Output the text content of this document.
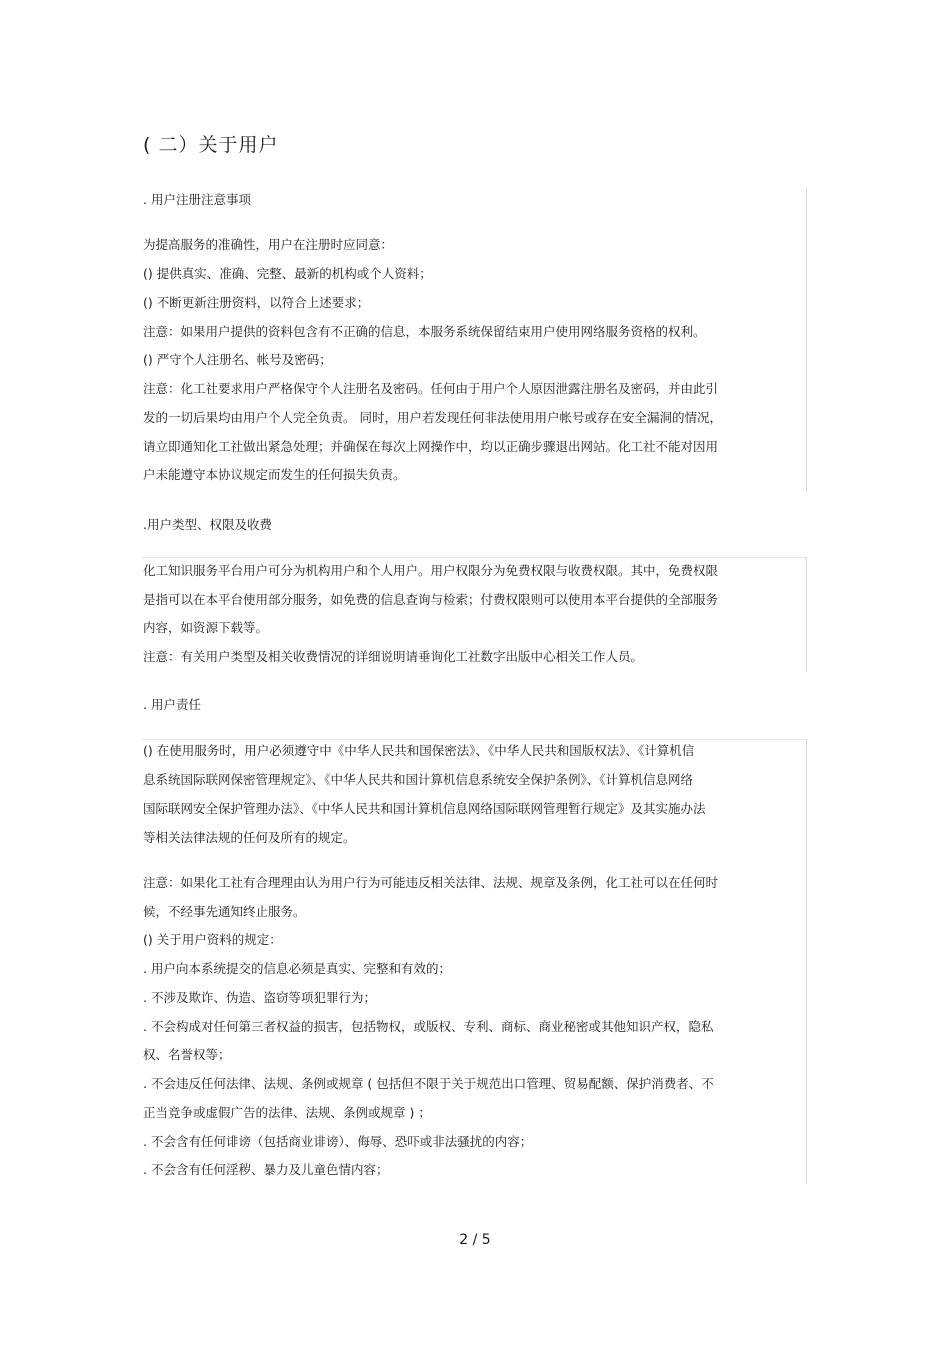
( 二）关于用户
. 用户注册注意事项
为提高服务的准确性，用户在注册时应同意：
() 提供真实、准确、完整、最新的机构或个人资料；
() 不断更新注册资料，以符合上述要求；
注意：如果用户提供的资料包含有不正确的信息，本服务系统保留结束用户使用网络服务资格的权利。
() 严守个人注册名、帐号及密码；
注意：化工社要求用户严格保守个人注册名及密码。任何由于用户个人原因泄露注册名及密码，并由此引
发的一切后果均由用户个人完全负责。 同时，用户若发现任何非法使用用户帐号或存在安全漏洞的情况，
请立即通知化工社做出紧急处理；并确保在每次上网操作中，均以正确步骤退出网站。化工社不能对因用
户未能遵守本协议规定而发生的任何损失负责。
.用户类型、权限及收费
化工知识服务平台用户可分为机构用户和个人用户。用户权限分为免费权限与收费权限。其中，免费权限
是指可以在本平台使用部分服务，如免费的信息查询与检索；付费权限则可以使用本平台提供的全部服务
内容，如资源下载等。
注意：有关用户类型及相关收费情况的详细说明请垂询化工社数字出版中心相关工作人员。
. 用户责任
() 在使用服务时，用户必须遵守中《中华人民共和国保密法》、《中华人民共和国版权法》、《计算机信
息系统国际联网保密管理规定》、《中华人民共和国计算机信息系统安全保护条例》、《计算机信息网络
国际联网安全保护管理办法》、《中华人民共和国计算机信息网络国际联网管理暂行规定》及其实施办法
等相关法律法规的任何及所有的规定。
注意：如果化工社有合理理由认为用户行为可能违反相关法律、法规、规章及条例，化工社可以在任何时
候，不经事先通知终止服务。
() 关于用户资料的规定：
. 用户向本系统提交的信息必须是真实、完整和有效的；
. 不涉及欺诈、伪造、盗窃等项犯罪行为；
. 不会构成对任何第三者权益的损害，包括物权，或版权、专利、商标、商业秘密或其他知识产权，隐私
权、名誉权等；
. 不会违反任何法律、法规、条例或规章 ( 包括但不限于关于规范出口管理、贸易配额、保护消费者、不
正当竞争或虚假广告的法律、法规、条例或规章 ) ；
. 不会含有任何诽谤（包括商业诽谤）、侮辱、恐吓或非法骚扰的内容；
. 不会含有任何淫秽、暴力及儿童色情内容；
2 / 5
